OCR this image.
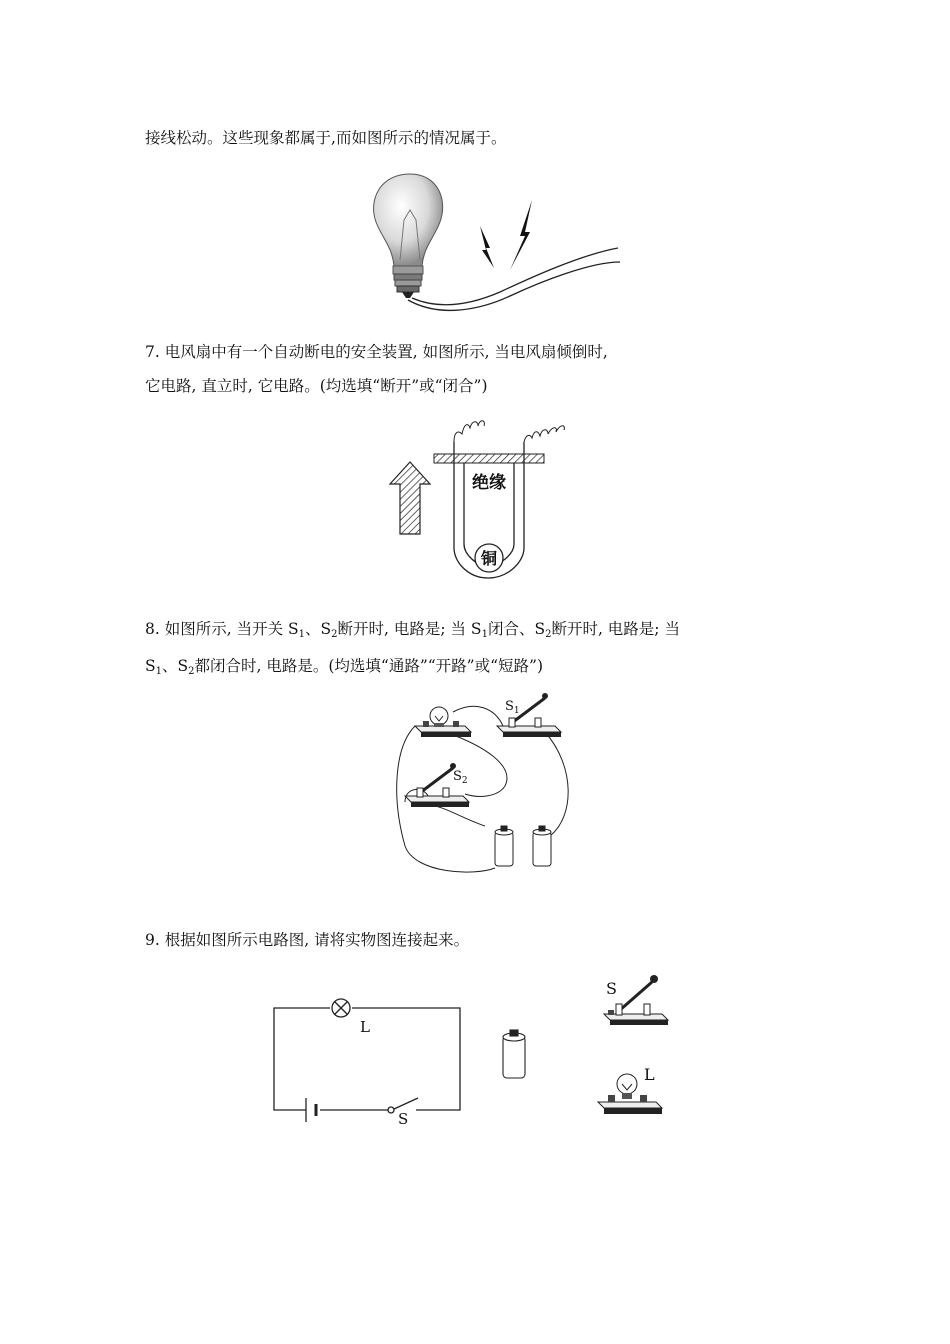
接线松动。这些现象都属于,而如图所示的情况属于。
7. 电风扇中有一个自动断电的安全装置, 如图所示, 当电风扇倾倒时,
它电路, 直立时, 它电路。(均选填“断开”或“闭合”)
绝缘
铜
8. 如图所示, 当开关 $S_1$、$S_2$断开时, 电路是; 当 $S_1$闭合、$S_2$断开时, 电路是; 当
$S_1$、$S_2$都闭合时, 电路是。(均选填“通路”“开路”或“短路”)
$S_1$
$S_2$
9. 根据如图所示电路图, 请将实物图连接起来。
L
S
S
L
